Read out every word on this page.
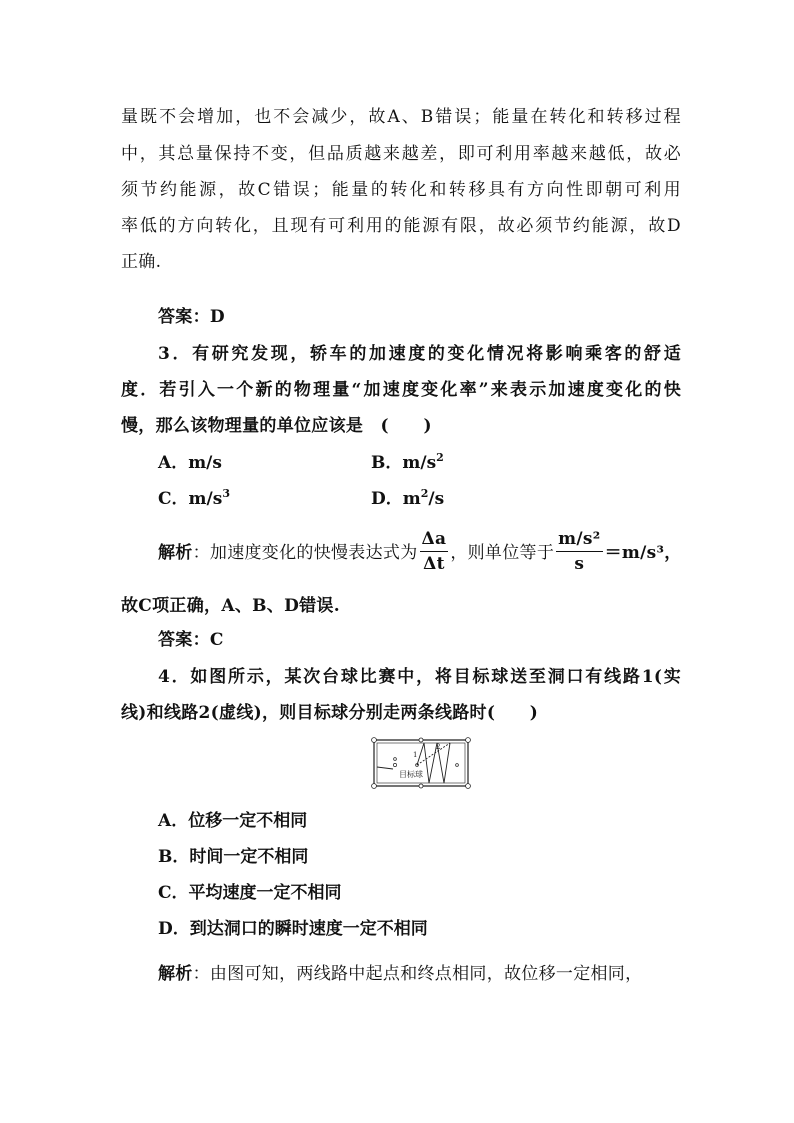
量既不会增加，也不会减少，故A、B错误；能量在转化和转移过程
中，其总量保持不变，但品质越来越差，即可利用率越来越低，故必
须节约能源，故C错误；能量的转化和转移具有方向性即朝可利用
率低的方向转化，且现有可利用的能源有限，故必须节约能源，故D
正确.
答案：D
3．有研究发现，轿车的加速度的变化情况将影响乘客的舒适
度．若引入一个新的物理量“加速度变化率”来表示加速度变化的快
慢，那么该物理量的单位应该是　(　　)
A．m/s	B．$m/s^2$
C．$m/s^3$	D．$m^2/s$
解析：加速度变化的快慢表达式为 $\frac{\Delta a}{\Delta t}$ ，则单位等于 $\frac{\text{m/s²}}{s} =m/s^3$，
故C项正确，A、B、D错误.
答案：C
4．如图所示，某次台球比赛中，将目标球送至洞口有线路1(实
线)和线路2(虚线)，则目标球分别走两条线路时(　　)
1
2
目标球
A．位移一定不相同
B．时间一定不相同
C．平均速度一定不相同
D．到达洞口的瞬时速度一定不相同
解析：由图可知，两线路中起点和终点相同，故位移一定相同，
